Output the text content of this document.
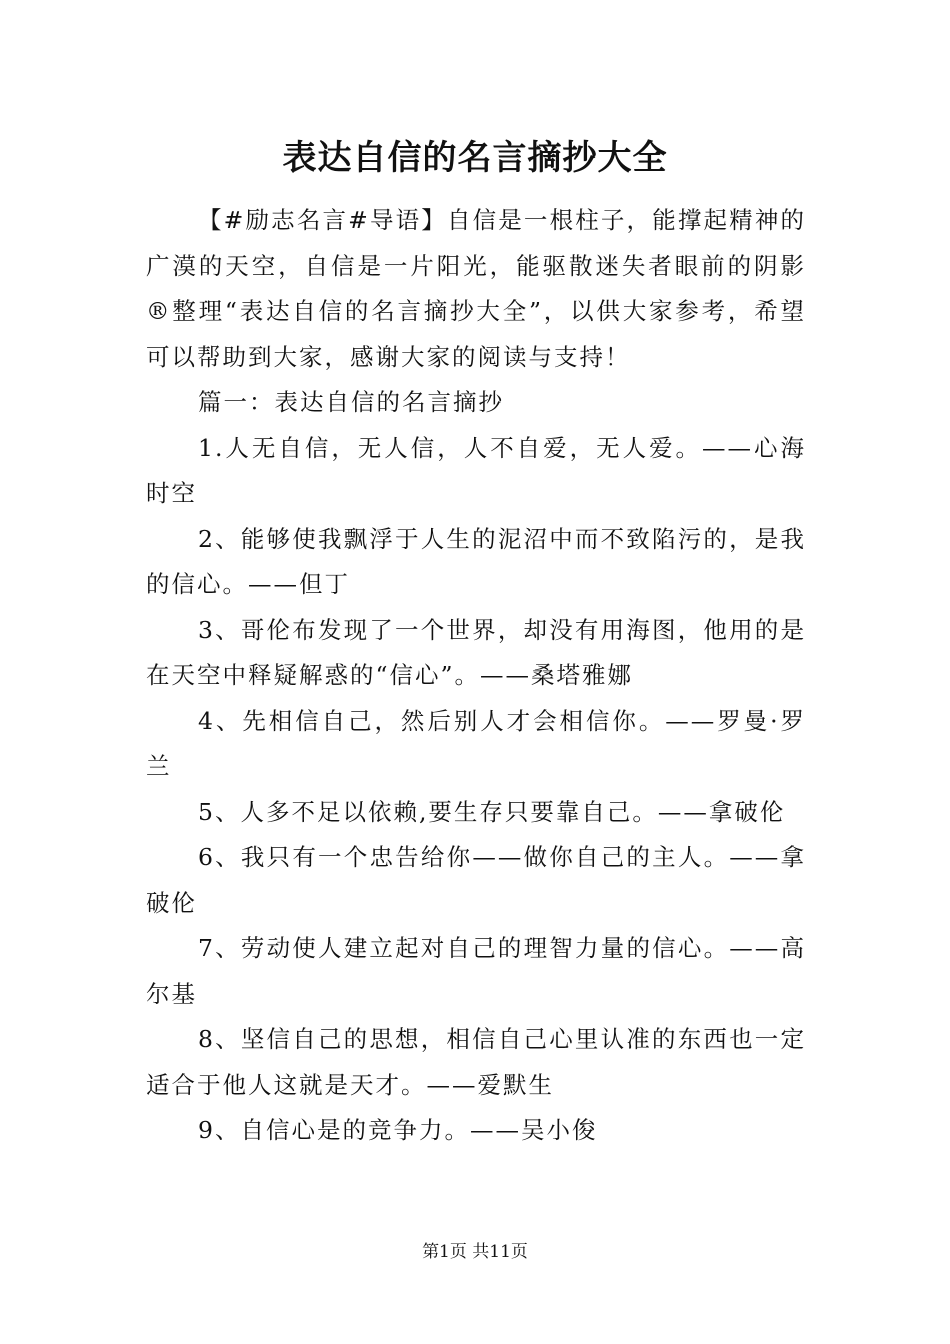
表达自信的名言摘抄大全

【#励志名言#导语】自信是一根柱子，能撑起精神的广漠的天空，自信是一片阳光，能驱散迷失者眼前的阴影®整理“表达自信的名言摘抄大全”，以供大家参考，希望可以帮助到大家，感谢大家的阅读与支持！

篇一：表达自信的名言摘抄

1.人无自信，无人信，人不自爱，无人爱。——心海时空

2、能够使我飘浮于人生的泥沼中而不致陷污的，是我的信心。——但丁

3、哥伦布发现了一个世界，却没有用海图，他用的是在天空中释疑解惑的“信心”。——桑塔雅娜

4、先相信自己，然后别人才会相信你。——罗曼·罗兰

5、人多不足以依赖,要生存只要靠自己。——拿破伦

6、我只有一个忠告给你——做你自己的主人。——拿破伦

7、劳动使人建立起对自己的理智力量的信心。——高尔基

8、坚信自己的思想，相信自己心里认准的东西也一定适合于他人这就是天才。——爱默生

9、自信心是的竞争力。——吴小俊

第1页 共11页
